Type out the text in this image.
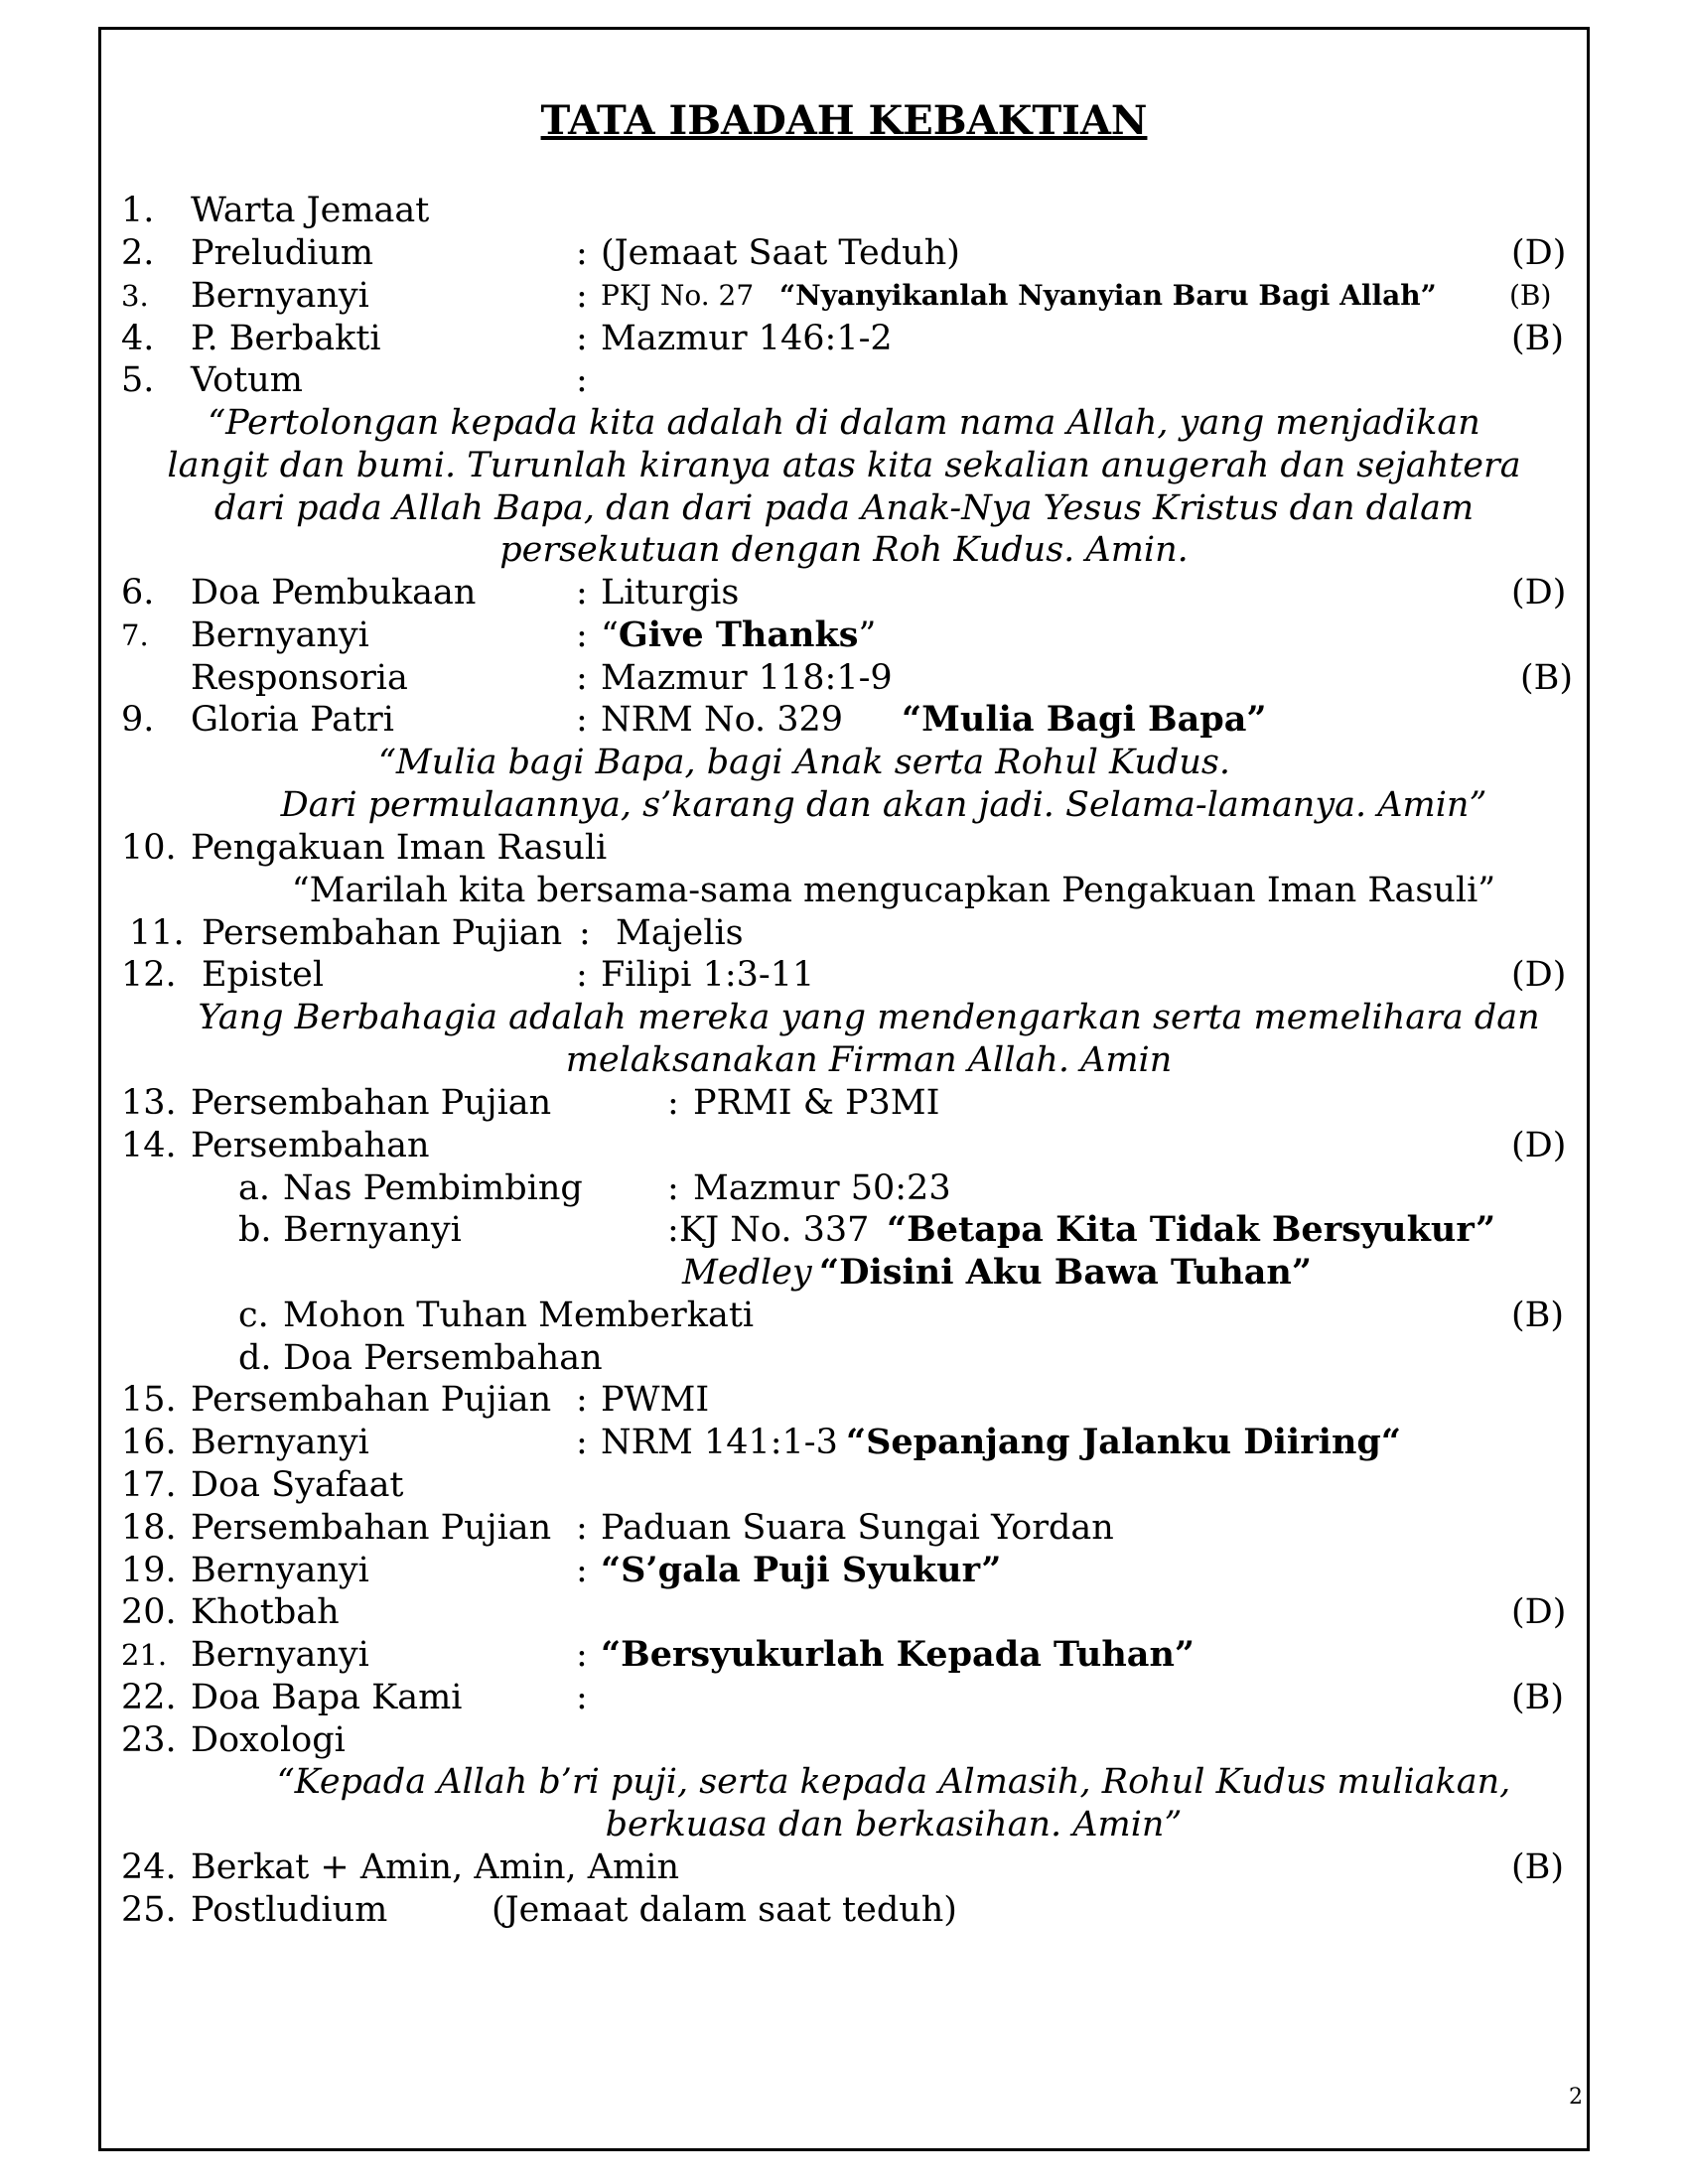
TATA IBADAH KEBAKTIAN
1. Warta Jemaat
2. Preludium	: (Jemaat Saat Teduh)	(D)
3. Bernyanyi	: PKJ No. 27 “Nyanyikanlah Nyanyian Baru Bagi Allah”	(B)
4. P. Berbakti	: Mazmur 146:1-2	(B)
5. Votum	:
“Pertolongan kepada kita adalah di dalam nama Allah, yang menjadikan
langit dan bumi. Turunlah kiranya atas kita sekalian anugerah dan sejahtera
dari pada Allah Bapa, dan dari pada Anak-Nya Yesus Kristus dan dalam
persekutuan dengan Roh Kudus. Amin.
6. Doa Pembukaan	: Liturgis	(D)
7. Bernyanyi	: “Give Thanks”
Responsoria	: Mazmur 118:1-9	(B)
9. Gloria Patri	: NRM No. 329 “Mulia Bagi Bapa”
“Mulia bagi Bapa, bagi Anak serta Rohul Kudus.
Dari permulaannya, s’karang dan akan jadi. Selama-lamanya. Amin”
10. Pengakuan Iman Rasuli
“Marilah kita bersama-sama mengucapkan Pengakuan Iman Rasuli”
11. Persembahan Pujian : Majelis
12. Epistel	: Filipi 1:3-11	(D)
Yang Berbahagia adalah mereka yang mendengarkan serta memelihara dan
melaksanakan Firman Allah. Amin
13. Persembahan Pujian	: PRMI & P3MI
14. Persembahan	(D)
a. Nas Pembimbing : Mazmur 50:23
b. Bernyanyi	: KJ No. 337 “Betapa Kita Tidak Bersyukur”
Medley “Disini Aku Bawa Tuhan”
c. Mohon Tuhan Memberkati	(B)
d. Doa Persembahan
15. Persembahan Pujian : PWMI
16. Bernyanyi	: NRM 141:1-3 “Sepanjang Jalanku Diiring“
17. Doa Syafaat
18. Persembahan Pujian : Paduan Suara Sungai Yordan
19. Bernyanyi	: “S’gala Puji Syukur”
20. Khotbah	(D)
21. Bernyanyi	: “Bersyukurlah Kepada Tuhan”
22. Doa Bapa Kami	:	(B)
23. Doxologi
“Kepada Allah b’ri puji, serta kepada Almasih, Rohul Kudus muliakan,
berkuasa dan berkasihan. Amin”
24. Berkat + Amin, Amin, Amin	(B)
25. Postludium	(Jemaat dalam saat teduh)
2
